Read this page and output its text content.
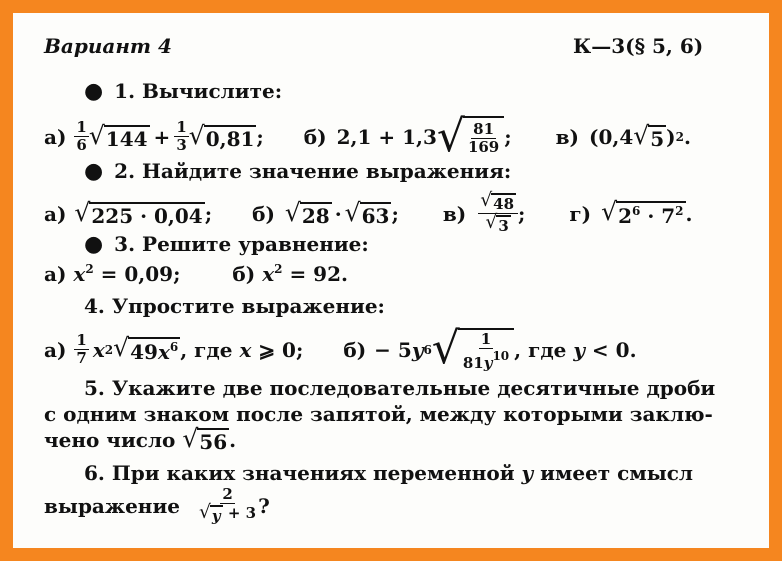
Вариант 4	К—3(§ 5, 6)
● 1. Вычислите:
$а) \frac{1}{6}$ √ $144 + \frac{1}{3}$ √ 0,81 ; б) 2,1 + 1,3 √ $\frac{81}{169}$ ; в) (0,4 √ 5 ) 2 .
● 2. Найдите значение выражения:
а) √ 225 · 0,04 ; б) √ 28 · √ 63 ; $в) \frac{√ 48}{√ 3}$ ; г) √ $2^6 \cdot 7^2$ .
● 3. Решите уравнение:
а) $x^2 = 0,09$;	б) $x^2 = 92$.
4. Упростите выражение:
$а) \frac{1}{7}$ x 2 √ $49x^6$ , где x ⩾ 0; б) − 5 y 6 √ $\frac{1}{81y^{10}}$ , где y < 0.
5. Укажите две последовательные десятичные дроби
с одним знаком после запятой, между которыми заклю-
чено число √ 56 .
6. При каких значениях переменной y имеет смысл
выражение $\frac{2}{√ y + 3}$ ?
